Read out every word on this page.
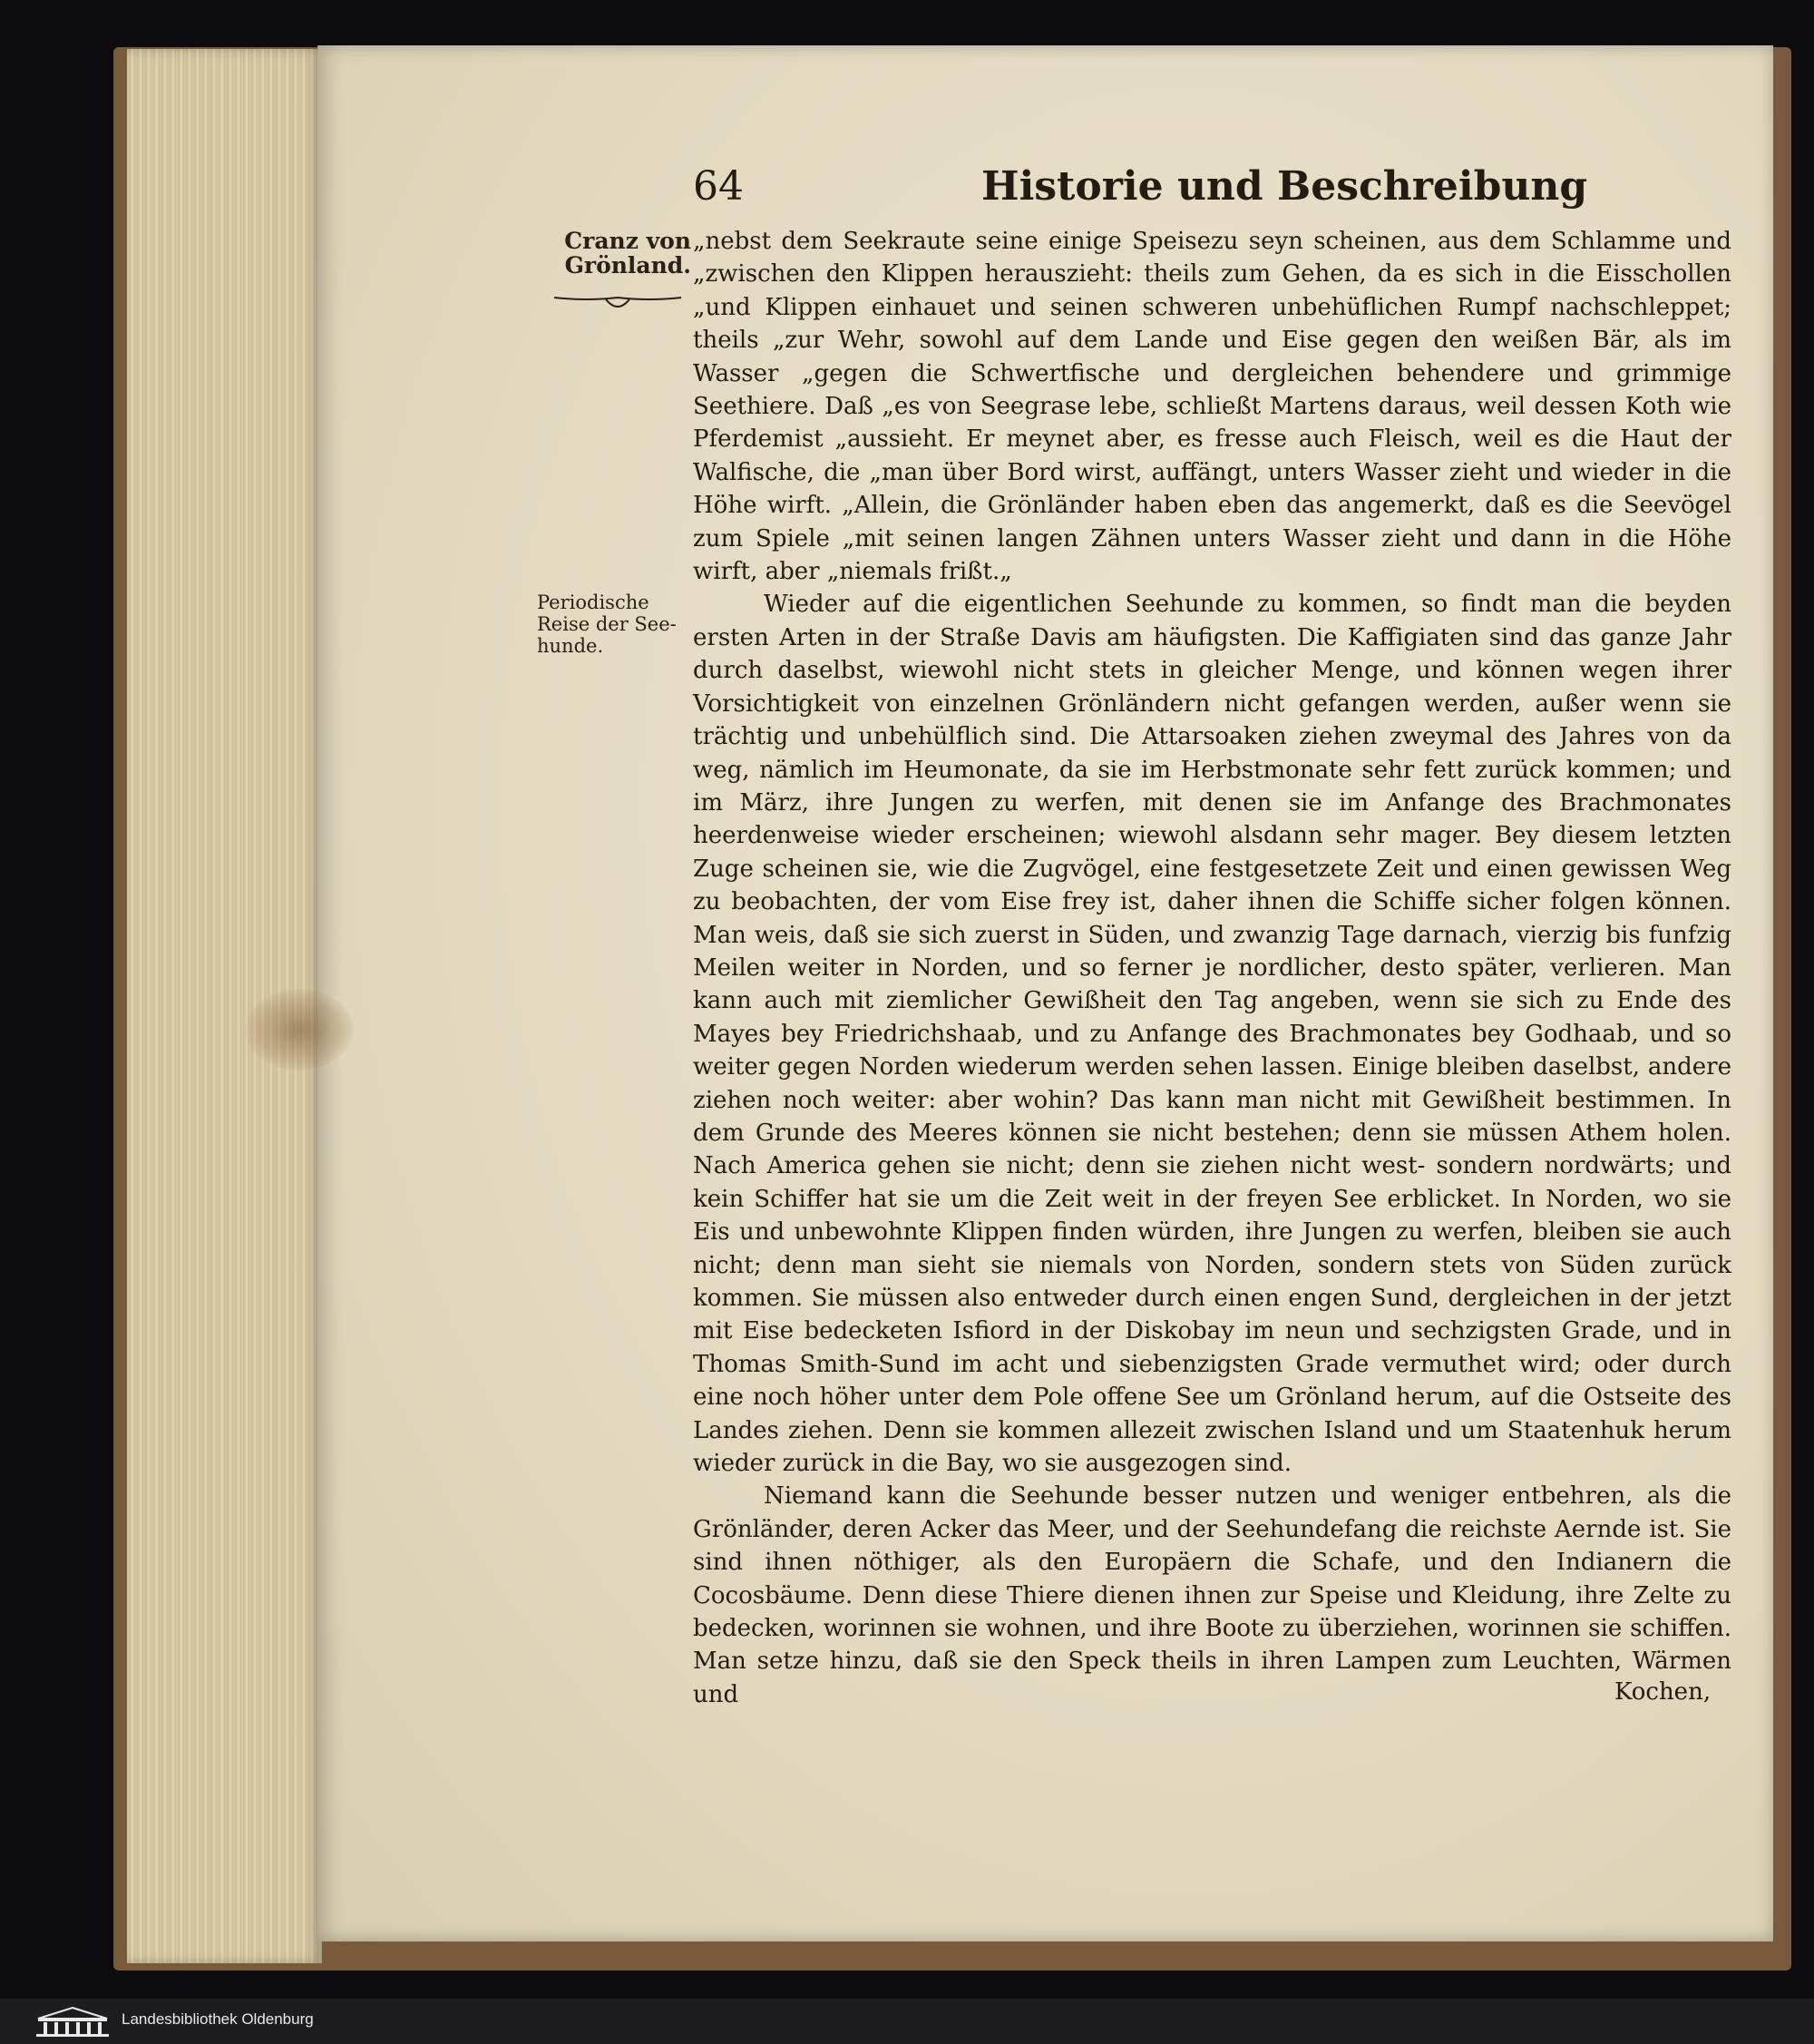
64	Historie und Beschreibung
Cranz von Grönland.
Periodische Reise der See-hunde.

„nebst dem Seekraute seine einige Speisezu seyn scheinen, aus dem Schlamme und „zwischen den Klippen herauszieht: theils zum Gehen, da es sich in die Eisschollen „und Klippen einhauet und seinen schweren unbehüflichen Rumpf nachschleppet; theils „zur Wehr, sowohl auf dem Lande und Eise gegen den weißen Bär, als im Wasser „gegen die Schwertfische und dergleichen behendere und grimmige Seethiere. Daß „es von Seegrase lebe, schließt Martens daraus, weil dessen Koth wie Pferdemist „aussieht. Er meynet aber, es fresse auch Fleisch, weil es die Haut der Walfische, die „man über Bord wirst, auffängt, unters Wasser zieht und wieder in die Höhe wirft. „Allein, die Grönländer haben eben das angemerkt, daß es die Seevögel zum Spiele „mit seinen langen Zähnen unters Wasser zieht und dann in die Höhe wirft, aber „niemals frißt.„

Wieder auf die eigentlichen Seehunde zu kommen, so findt man die beyden ersten Arten in der Straße Davis am häufigsten. Die Kaffigiaten sind das ganze Jahr durch daselbst, wiewohl nicht stets in gleicher Menge, und können wegen ihrer Vorsichtigkeit von einzelnen Grönländern nicht gefangen werden, außer wenn sie trächtig und unbehülflich sind. Die Attarsoaken ziehen zweymal des Jahres von da weg, nämlich im Heumonate, da sie im Herbstmonate sehr fett zurück kommen; und im März, ihre Jungen zu werfen, mit denen sie im Anfange des Brachmonates heerdenweise wieder erscheinen; wiewohl alsdann sehr mager. Bey diesem letzten Zuge scheinen sie, wie die Zugvögel, eine festgesetzete Zeit und einen gewissen Weg zu beobachten, der vom Eise frey ist, daher ihnen die Schiffe sicher folgen können. Man weis, daß sie sich zuerst in Süden, und zwanzig Tage darnach, vierzig bis funfzig Meilen weiter in Norden, und so ferner je nordlicher, desto später, verlieren. Man kann auch mit ziemlicher Gewißheit den Tag angeben, wenn sie sich zu Ende des Mayes bey Friedrichshaab, und zu Anfange des Brachmonates bey Godhaab, und so weiter gegen Norden wiederum werden sehen lassen. Einige bleiben daselbst, andere ziehen noch weiter: aber wohin? Das kann man nicht mit Gewißheit bestimmen. In dem Grunde des Meeres können sie nicht bestehen; denn sie müssen Athem holen. Nach America gehen sie nicht; denn sie ziehen nicht west- sondern nordwärts; und kein Schiffer hat sie um die Zeit weit in der freyen See erblicket. In Norden, wo sie Eis und unbewohnte Klippen finden würden, ihre Jungen zu werfen, bleiben sie auch nicht; denn man sieht sie niemals von Norden, sondern stets von Süden zurück kommen. Sie müssen also entweder durch einen engen Sund, dergleichen in der jetzt mit Eise bedecketen Isfiord in der Diskobay im neun und sechzigsten Grade, und in Thomas Smith-Sund im acht und siebenzigsten Grade vermuthet wird; oder durch eine noch höher unter dem Pole offene See um Grönland herum, auf die Ostseite des Landes ziehen. Denn sie kommen allezeit zwischen Island und um Staatenhuk herum wieder zurück in die Bay, wo sie ausgezogen sind.

Niemand kann die Seehunde besser nutzen und weniger entbehren, als die Grönländer, deren Acker das Meer, und der Seehundefang die reichste Aernde ist. Sie sind ihnen nöthiger, als den Europäern die Schafe, und den Indianern die Cocosbäume. Denn diese Thiere dienen ihnen zur Speise und Kleidung, ihre Zelte zu bedecken, worinnen sie wohnen, und ihre Boote zu überziehen, worinnen sie schiffen. Man setze hinzu, daß sie den Speck theils in ihren Lampen zum Leuchten, Wärmen und	Kochen,
Landesbibliothek Oldenburg
